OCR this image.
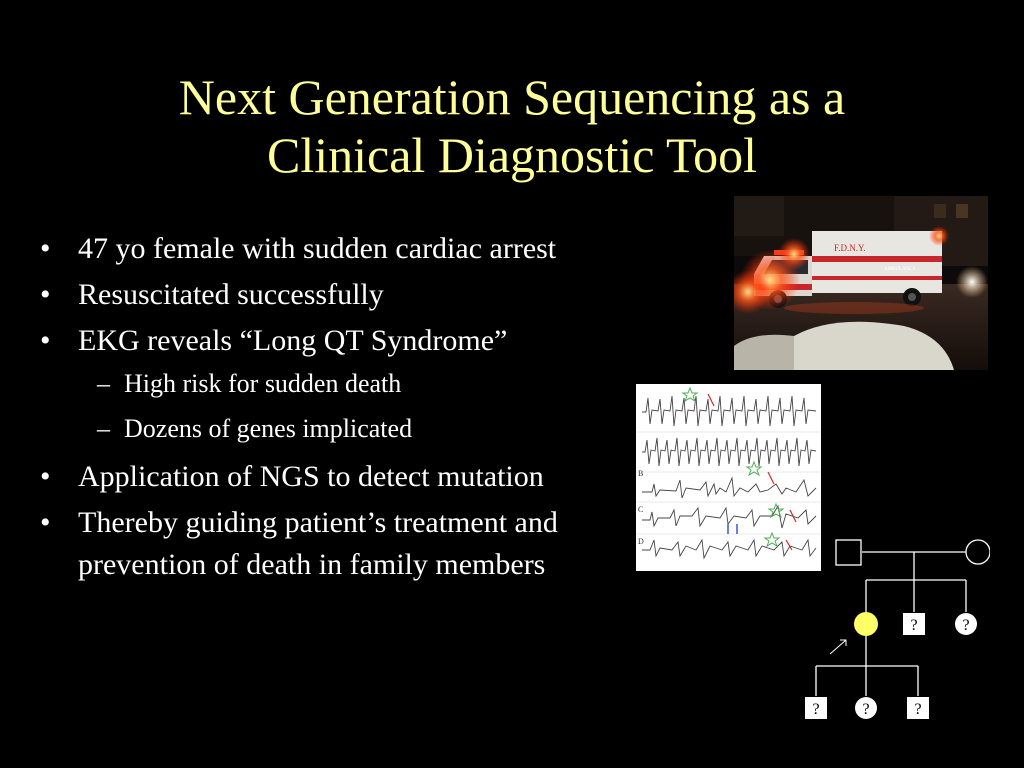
Next Generation Sequencing as a
Clinical Diagnostic Tool
• 47 yo female with sudden cardiac arrest
• Resuscitated successfully
• EKG reveals “Long QT Syndrome”
– High risk for sudden death
– Dozens of genes implicated
• Application of NGS to detect mutation
• Thereby guiding patient’s treatment and prevention of death in family members
F.D.N.Y.
AMBULANCE
B
C
D
?	?
?	?	?
